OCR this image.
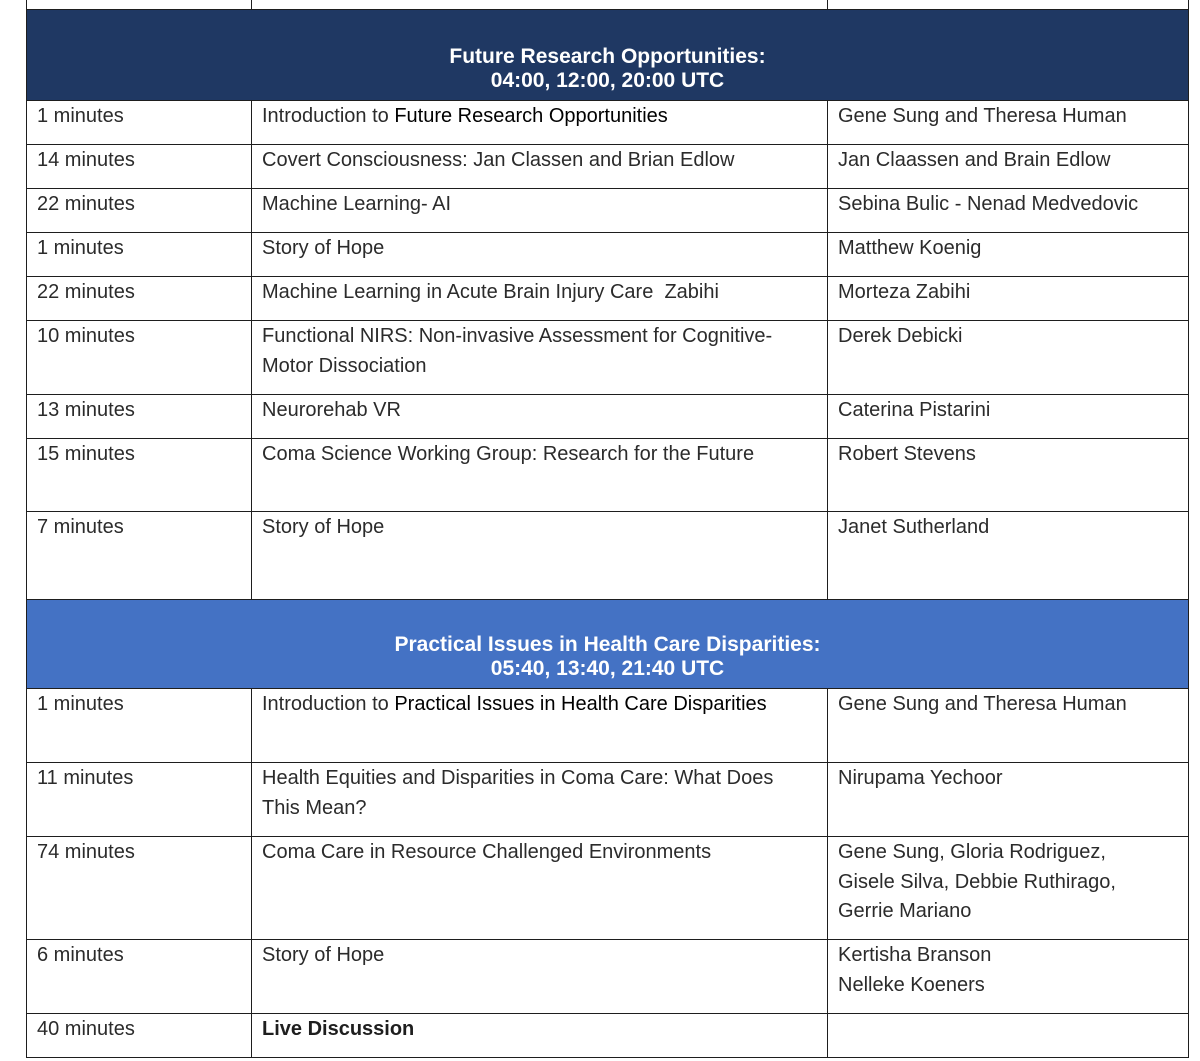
Future Research Opportunities:
04:00, 12:00, 20:00 UTC		

1 minutes	Introduction to Future Research Opportunities	Gene Sung and Theresa Human
14 minutes	Covert Consciousness: Jan Classen and Brian Edlow	Jan Claassen and Brain Edlow
22 minutes	Machine Learning- AI	Sebina Bulic - Nenad Medvedovic
1 minutes	Story of Hope	Matthew Koenig
22 minutes	Machine Learning in Acute Brain Injury Care  Zabihi	Morteza Zabihi
10 minutes	Functional NIRS: Non-invasive Assessment for Cognitive-
Motor Dissociation	Derek Debicki
13 minutes	Neurorehab VR	Caterina Pistarini
15 minutes	Coma Science Working Group: Research for the Future	Robert Stevens
7 minutes	Story of Hope	Janet Sutherland

Practical Issues in Health Care Disparities:
05:40, 13:40, 21:40 UTC		

1 minutes	Introduction to Practical Issues in Health Care Disparities	Gene Sung and Theresa Human
11 minutes	Health Equities and Disparities in Coma Care: What Does
This Mean?	Nirupama Yechoor
74 minutes	Coma Care in Resource Challenged Environments	Gene Sung, Gloria Rodriguez,
Gisele Silva, Debbie Ruthirago,
Gerrie Mariano

6 minutes	Story of Hope	Kertisha Branson
Nelleke Koeners

40 minutes	Live Discussion	
